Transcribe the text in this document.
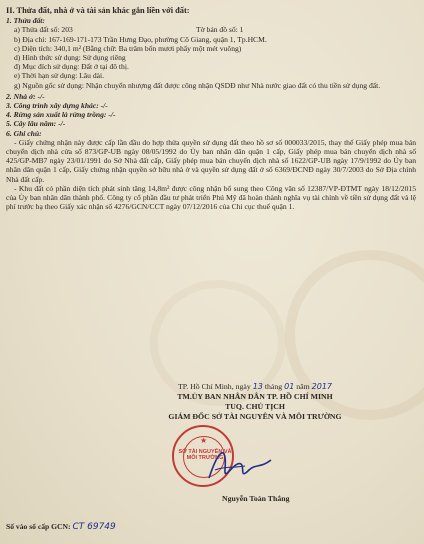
II. Thửa đất, nhà ở và tài sản khác gắn liền với đất:
1. Thửa đất:
a) Thửa đất số: 203	Tờ bản đồ số: 1
b) Địa chỉ: 167-169-171-173 Trần Hưng Đạo, phường Cô Giang, quận 1, Tp.HCM.
c) Diện tích: 340,1 m² (Bằng chữ: Ba trăm bốn mươi phẩy một mét vuông)
d) Hình thức sử dụng: Sử dụng riêng
đ) Mục đích sử dụng: Đất ở tại đô thị.
e) Thời hạn sử dụng: Lâu dài.
g) Nguồn gốc sử dụng: Nhận chuyển nhượng đất được công nhận QSDĐ như Nhà nước giao đất có thu tiền sử dụng đất.
2. Nhà ở: -/-
3. Công trình xây dựng khác: -/-
4. Rừng sản xuất là rừng trồng: -/-
5. Cây lâu năm: -/-
6. Ghi chú:
- Giấy chứng nhận này được cấp lần đầu do hợp thửa quyền sử dụng đất theo hồ sơ số 000033/2015, thay thế Giấy phép mua bán chuyển dịch nhà cửa số 873/GP-UB ngày 08/05/1992 do Ủy ban nhân dân quận 1 cấp, Giấy phép mua bán chuyển dịch nhà số 425/GP-MB7 ngày 23/01/1991 do Sở Nhà đất cấp, Giấy phép mua bán chuyển dịch nhà số 1622/GP-UB ngày 17/9/1992 do Ủy ban nhân dân quận 1 cấp, Giấy chứng nhận quyền sở hữu nhà ở và quyền sử dụng đất ở số 6369/ĐCNĐ ngày 30/7/2003 do Sở Địa chính Nhà đất cấp.
- Khu đất có phần diện tích phát sinh tăng 14,8m² được công nhận bổ sung theo Công văn số 12387/VP-ĐTMT ngày 18/12/2015 của Ủy ban nhân dân thành phố. Công ty cổ phần đầu tư phát triển Phú Mỹ đã hoàn thành nghĩa vụ tài chính về tiền sử dụng đất và lệ phí trước bạ theo Giấy xác nhận số 4276/GCN/CCT ngày 07/12/2016 của Chi cục thuế quận 1.
TP. Hồ Chí Minh, ngày 13 tháng 01 năm 2017
TM.ỦY BAN NHÂN DÂN TP. HỒ CHÍ MINH
TUQ. CHỦ TỊCH
GIÁM ĐỐC SỞ TÀI NGUYÊN VÀ MÔI TRƯỜNG
★
SỞ TÀI NGUYÊN VÀ MÔI TRƯỜNG
Nguyễn Toàn Thắng
Số vào sổ cấp GCN: CT 69749
